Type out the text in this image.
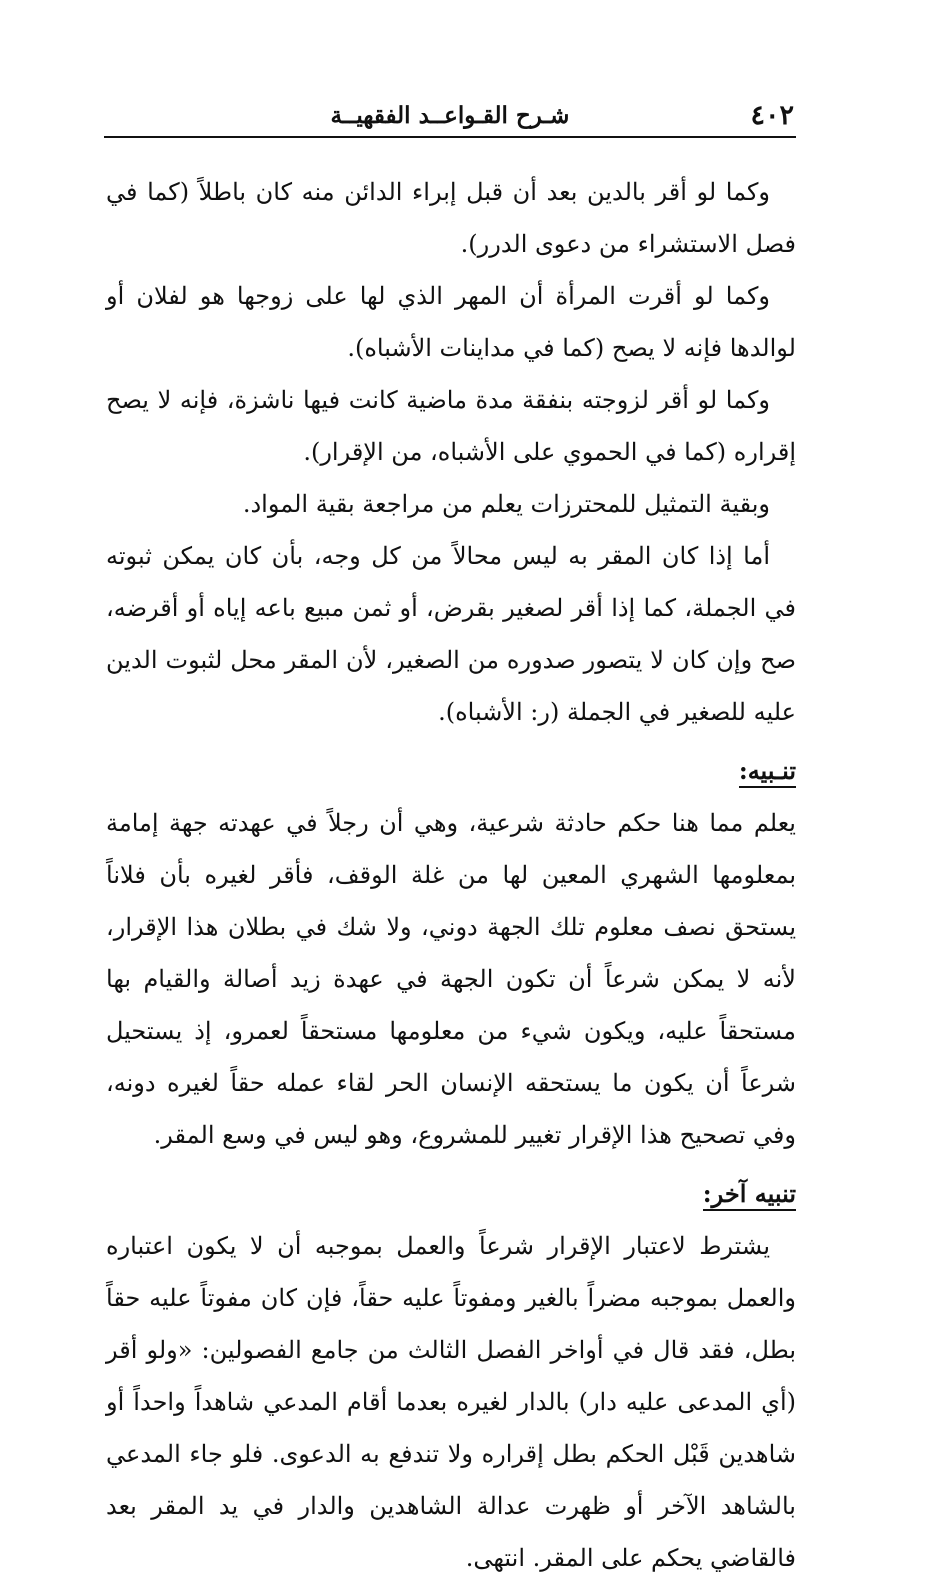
٤٠٢
شـرح القـواعــد الفقهيــة

وكما لو أقر بالدين بعد أن قبل إبراء الدائن منه كان باطلاً (كما في فصل الاستشراء من دعوى الدرر).

وكما لو أقرت المرأة أن المهر الذي لها على زوجها هو لفلان أو لوالدها فإنه لا يصح (كما في مداينات الأشباه).

وكما لو أقر لزوجته بنفقة مدة ماضية كانت فيها ناشزة، فإنه لا يصح إقراره (كما في الحموي على الأشباه، من الإقرار).

وبقية التمثيل للمحترزات يعلم من مراجعة بقية المواد.

أما إذا كان المقر به ليس محالاً من كل وجه، بأن كان يمكن ثبوته في الجملة، كما إذا أقر لصغير بقرض، أو ثمن مبيع باعه إياه أو أقرضه، صح وإن كان لا يتصور صدوره من الصغير، لأن المقر محل لثبوت الدين عليه للصغير في الجملة (ر: الأشباه).

تنـبيه:

يعلم مما هنا حكم حادثة شرعية، وهي أن رجلاً في عهدته جهة إمامة بمعلومها الشهري المعين لها من غلة الوقف، فأقر لغيره بأن فلاناً يستحق نصف معلوم تلك الجهة دوني، ولا شك في بطلان هذا الإقرار، لأنه لا يمكن شرعاً أن تكون الجهة في عهدة زيد أصالة والقيام بها مستحقاً عليه، ويكون شيء من معلومها مستحقاً لعمرو، إذ يستحيل شرعاً أن يكون ما يستحقه الإنسان الحر لقاء عمله حقاً لغيره دونه، وفي تصحيح هذا الإقرار تغيير للمشروع، وهو ليس في وسع المقر.

تنبيه آخر:

يشترط لاعتبار الإقرار شرعاً والعمل بموجبه أن لا يكون اعتباره والعمل بموجبه مضراً بالغير ومفوتاً عليه حقاً، فإن كان مفوتاً عليه حقاً بطل، فقد قال في أواخر الفصل الثالث من جامع الفصولين: «ولو أقر (أي المدعى عليه دار) بالدار لغيره بعدما أقام المدعي شاهداً واحداً أو شاهدين قَبْل الحكم بطل إقراره ولا تندفع به الدعوى. فلو جاء المدعي بالشاهد الآخر أو ظهرت عدالة الشاهدين والدار في يد المقر بعد فالقاضي يحكم على المقر. انتهى.
